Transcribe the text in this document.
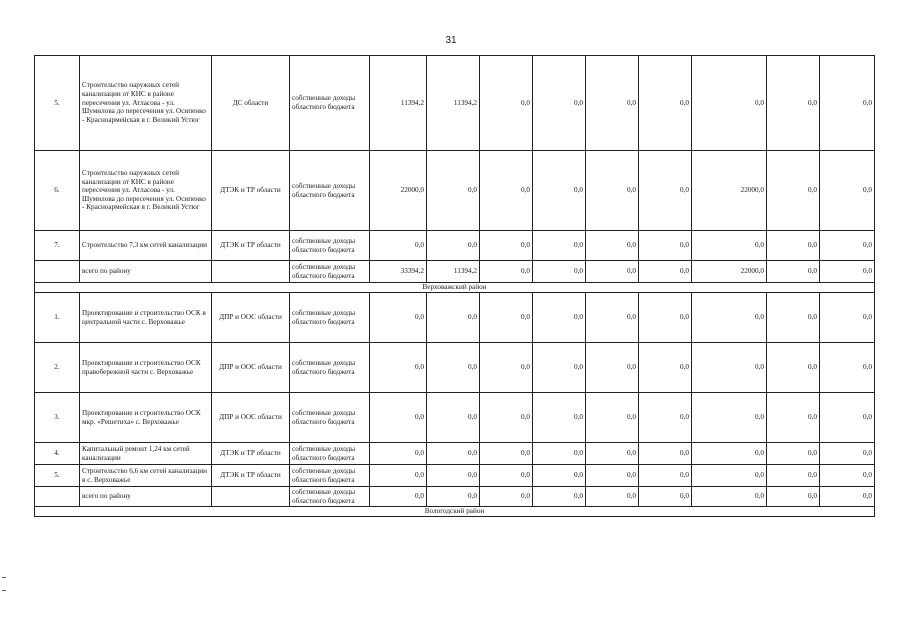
31
5.	Строительство наружных сетей канализации от КНС в районе пересечения ул. Атласова - ул. Шумилова до пересечения ул. Осипенко - Красноармейская в г. Великий Устюг	ДС области	собственные доходы областного бюджета	11394,2	11394,2	0,0	0,0	0,0	0,0	0,0	0,0	0,0
6.	Строительство наружных сетей канализации от КНС в районе пересечения ул. Атласова - ул. Шумилова до пересечения ул. Осипенко - Красноармейская в г. Великий Устюг	ДТЭК и ТР области	собственные доходы областного бюджета	22000,0	0,0	0,0	0,0	0,0	0,0	22000,0	0,0	0,0
7.	Строительство 7,3 км сетей канализации	ДТЭК и ТР области	собственные доходы областного бюджета	0,0	0,0	0,0	0,0	0,0	0,0	0,0	0,0	0,0
	всего по району		собственные доходы областного бюджета	33394,2	11394,2	0,0	0,0	0,0	0,0	22000,0	0,0	0,0
Верховажский район												
1.	Проектирование и строительство ОСК в центральной части с. Верховажье	ДПР и ООС области	собственные доходы областного бюджета	0,0	0,0	0,0	0,0	0,0	0,0	0,0	0,0	0,0
2.	Проектирование и строительство ОСК правобережной части с. Верховажье	ДПР и ООС области	собственные доходы областного бюджета	0,0	0,0	0,0	0,0	0,0	0,0	0,0	0,0	0,0
3.	Проектирование и строительство ОСК мкр. «Решетиха» с. Верховажье	ДПР и ООС области	собственные доходы областного бюджета	0,0	0,0	0,0	0,0	0,0	0,0	0,0	0,0	0,0
4.	Капитальный ремонт 1,24 км сетей канализации	ДТЭК и ТР области	собственные доходы областного бюджета	0,0	0,0	0,0	0,0	0,0	0,0	0,0	0,0	0,0
5.	Строительство 6,6 км сетей канализации в с. Верховажье	ДТЭК и ТР области	собственные доходы областного бюджета	0,0	0,0	0,0	0,0	0,0	0,0	0,0	0,0	0,0
	всего по району		собственные доходы областного бюджета	0,0	0,0	0,0	0,0	0,0	0,0	0,0	0,0	0,0
Вологодский район												
